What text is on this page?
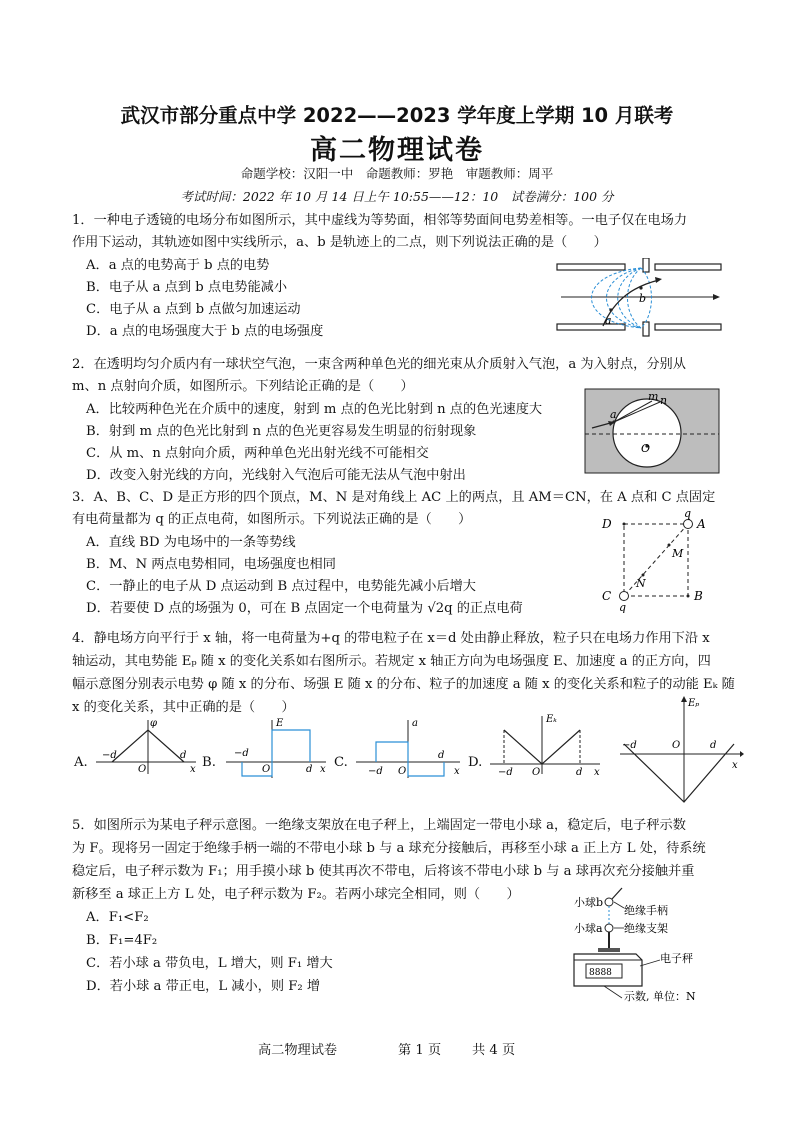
武汉市部分重点中学 2022——2023 学年度上学期 10 月联考
高二物理试卷
命题学校：汉阳一中　命题教师：罗艳　审题教师：周平
考试时间：2022 年 10 月 14 日上午 10:55——12：10　试卷满分：100 分
1．一种电子透镜的电场分布如图所示，其中虚线为等势面，相邻等势面间电势差相等。一电子仅在电场力
作用下运动，其轨迹如图中实线所示，a、b 是轨迹上的二点，则下列说法正确的是（　　）
A．a 点的电势高于 b 点的电势
B．电子从 a 点到 b 点电势能减小
C．电子从 a 点到 b 点做匀加速运动
D．a 点的电场强度大于 b 点的电场强度
a
b
2．在透明均匀介质内有一球状空气泡，一束含两种单色光的细光束从介质射入气泡，a 为入射点，分别从
m、n 点射向介质，如图所示。下列结论正确的是（　　）
A．比较两种色光在介质中的速度，射到 m 点的色光比射到 n 点的色光速度大
B．射到 m 点的色光比射到 n 点的色光更容易发生明显的衍射现象
C．从 m、n 点射向介质，两种单色光出射光线不可能相交
D．改变入射光线的方向，光线射入气泡后可能无法从气泡中射出
a
m n
O
3．A、B、C、D 是正方形的四个顶点，M、N 是对角线上 AC 上的两点，且 AM＝CN，在 A 点和 C 点固定
有电荷量都为 q 的正点电荷，如图所示。下列说法正确的是（　　）
A．直线 BD 为电场中的一条等势线
B．M、N 两点电势相同，电场强度也相同
C．一静止的电子从 D 点运动到 B 点过程中，电势能先减小后增大
D．若要使 D 点的场强为 0，可在 B 点固定一个电荷量为 √2q 的正点电荷
D	A
q
M
N
C
q
B
4．静电场方向平行于 x 轴，将一电荷量为+q 的带电粒子在 x＝d 处由静止释放，粒子只在电场力作用下沿 x
轴运动，其电势能 Eₚ 随 x 的变化关系如右图所示。若规定 x 轴正方向为电场强度 E、加速度 a 的正方向，四
幅示意图分别表示电势 φ 随 x 的分布、场强 E 随 x 的分布、粒子的加速度 a 随 x 的变化关系和粒子的动能 Eₖ 随
x 的变化关系，其中正确的是（　　）
A.
φ
−d	d
O	x B.
E
−d
d
O	x C.
a
−d
d
O	x
D.
Eₖ
−d	d
O	x
Eₚ
−d	d
O
x
5．如图所示为某电子秤示意图。一绝缘支架放在电子秤上，上端固定一带电小球 a，稳定后，电子秤示数
为 F。现将另一固定于绝缘手柄一端的不带电小球 b 与 a 球充分接触后，再移至小球 a 正上方 L 处，待系统
稳定后，电子秤示数为 F₁；用手摸小球 b 使其再次不带电，后将该不带电小球 b 与 a 球再次充分接触并重
新移至 a 球正上方 L 处，电子秤示数为 F₂。若两小球完全相同，则（　　）
A．F₁<F₂
B．F₁=4F₂
C．若小球 a 带负电，L 增大，则 F₁ 增大
D．若小球 a 带正电，L 减小，则 F₂ 增
8888
小球b
小球a
绝缘手柄
绝缘支架
电子秤
示数, 单位：N
高二物理试卷	第 1 页 共 4 页
